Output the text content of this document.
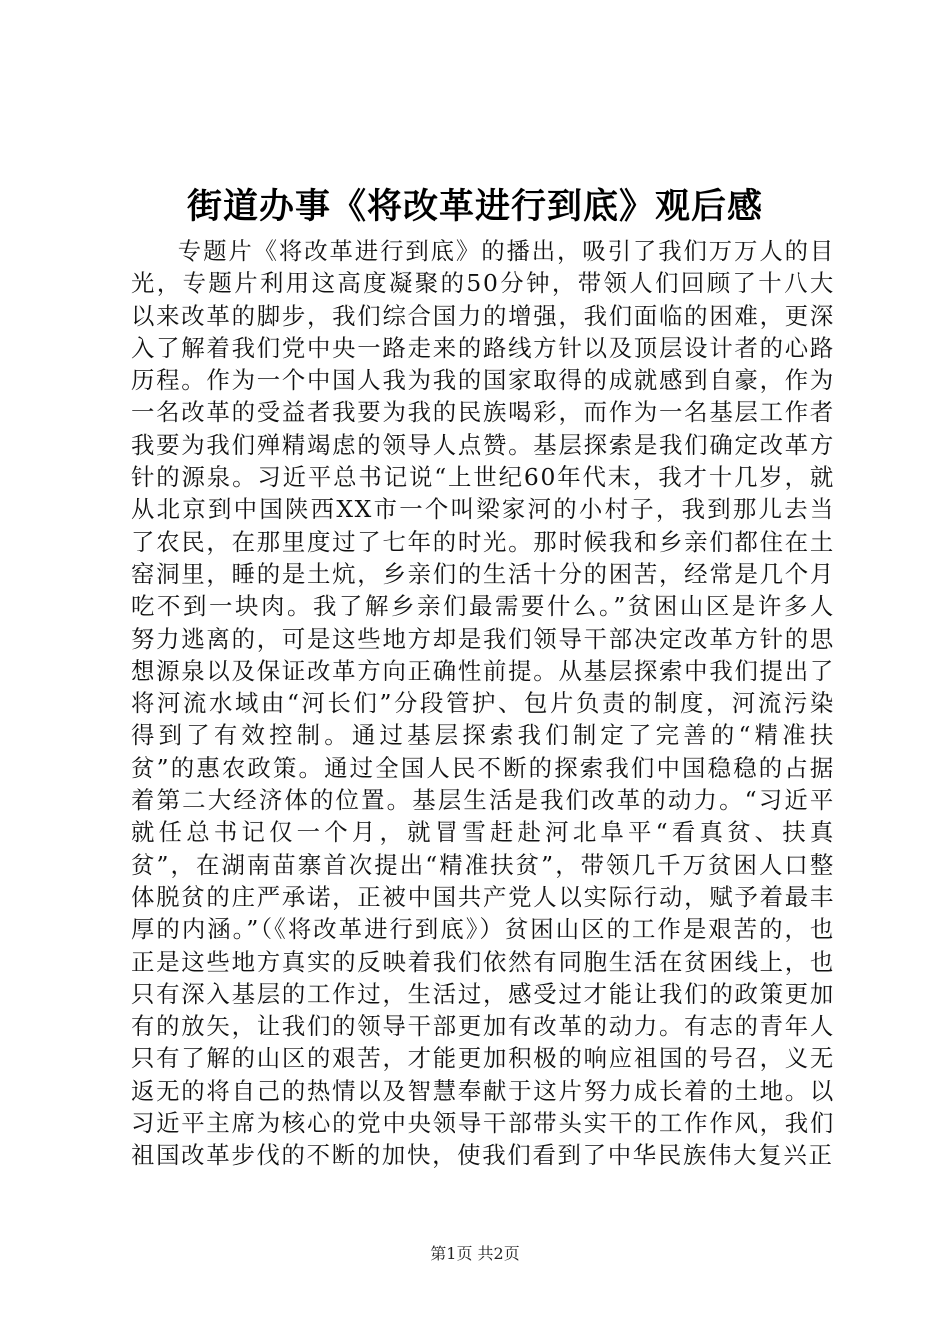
街道办事《将改革进行到底》观后感
专题片《将改革进行到底》的播出，吸引了我们万万人的目光，专题片利用这高度凝聚的50分钟，带领人们回顾了十八大以来改革的脚步，我们综合国力的增强，我们面临的困难，更深入了解着我们党中央一路走来的路线方针以及顶层设计者的心路历程。作为一个中国人我为我的国家取得的成就感到自豪，作为一名改革的受益者我要为我的民族喝彩，而作为一名基层工作者我要为我们殚精竭虑的领导人点赞。基层探索是我们确定改革方针的源泉。习近平总书记说“上世纪60年代末，我才十几岁，就从北京到中国陕西XX市一个叫梁家河的小村子，我到那儿去当了农民，在那里度过了七年的时光。那时候我和乡亲们都住在土窑洞里，睡的是土炕，乡亲们的生活十分的困苦，经常是几个月吃不到一块肉。我了解乡亲们最需要什么。”贫困山区是许多人努力逃离的，可是这些地方却是我们领导干部决定改革方针的思想源泉以及保证改革方向正确性前提。从基层探索中我们提出了将河流水域由“河长们”分段管护、包片负责的制度，河流污染得到了有效控制。通过基层探索我们制定了完善的“精准扶贫”的惠农政策。通过全国人民不断的探索我们中国稳稳的占据着第二大经济体的位置。基层生活是我们改革的动力。“习近平就任总书记仅一个月，就冒雪赶赴河北阜平“看真贫、扶真贫”，在湖南苗寨首次提出“精准扶贫”，带领几千万贫困人口整体脱贫的庄严承诺，正被中国共产党人以实际行动，赋予着最丰厚的内涵。”（《将改革进行到底》）贫困山区的工作是艰苦的，也正是这些地方真实的反映着我们依然有同胞生活在贫困线上，也只有深入基层的工作过，生活过，感受过才能让我们的政策更加有的放矢，让我们的领导干部更加有改革的动力。有志的青年人只有了解的山区的艰苦，才能更加积极的响应祖国的号召，义无返无的将自己的热情以及智慧奉献于这片努力成长着的土地。以习近平主席为核心的党中央领导干部带头实干的工作作风，我们祖国改革步伐的不断的加快，使我们看到了中华民族伟大复兴正
第1页 共2页
